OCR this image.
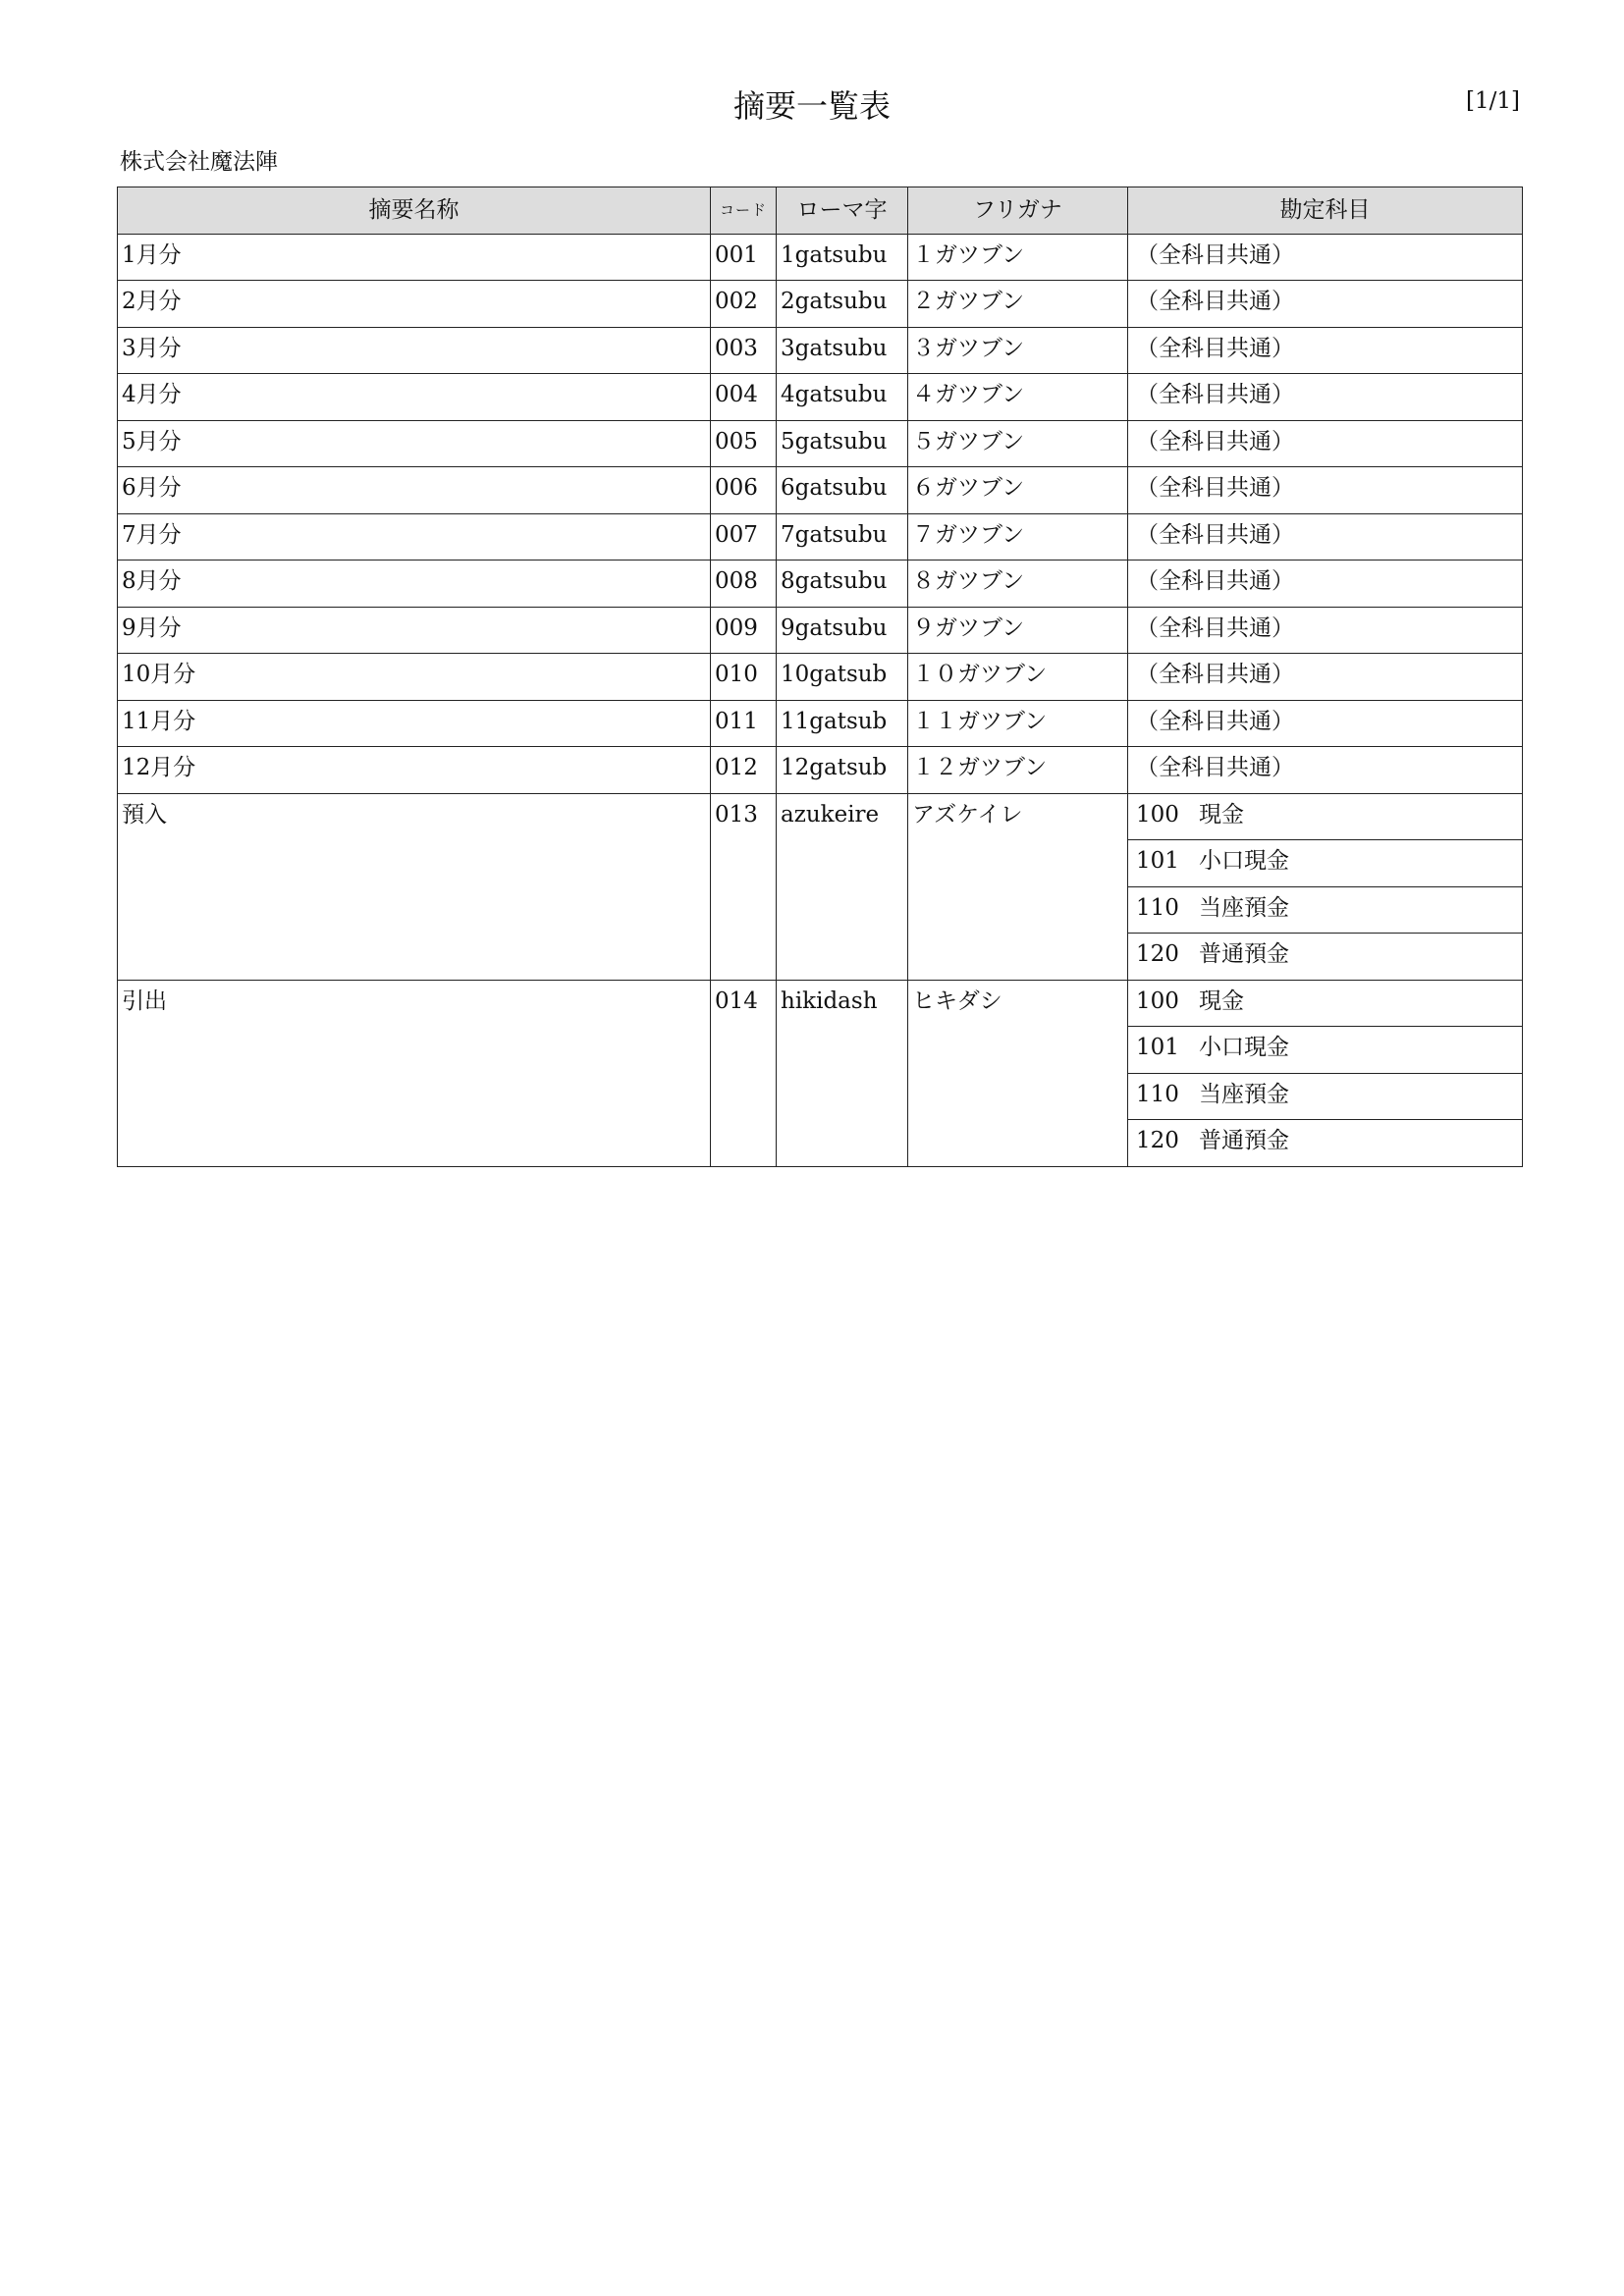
摘要一覧表	[1/1]
株式会社魔法陣
摘要名称	コード	ローマ字	フリガナ	勘定科目
1月分	001	1gatsubu	１ガツブン	（全科目共通）
2月分	002	2gatsubu	２ガツブン	（全科目共通）
3月分	003	3gatsubu	３ガツブン	（全科目共通）
4月分	004	4gatsubu	４ガツブン	（全科目共通）
5月分	005	5gatsubu	５ガツブン	（全科目共通）
6月分	006	6gatsubu	６ガツブン	（全科目共通）
7月分	007	7gatsubu	７ガツブン	（全科目共通）
8月分	008	8gatsubu	８ガツブン	（全科目共通）
9月分	009	9gatsubu	９ガツブン	（全科目共通）
10月分	010	10gatsub	１０ガツブン	（全科目共通）
11月分	011	11gatsub	１１ガツブン	（全科目共通）
12月分	012	12gatsub	１２ガツブン	（全科目共通）
預入	013	azukeire	アズケイレ	100 現金
				101 小口現金
				110 当座預金
				120 普通預金
引出	014	hikidash	ヒキダシ	100 現金
				101 小口現金
				110 当座預金
				120 普通預金
